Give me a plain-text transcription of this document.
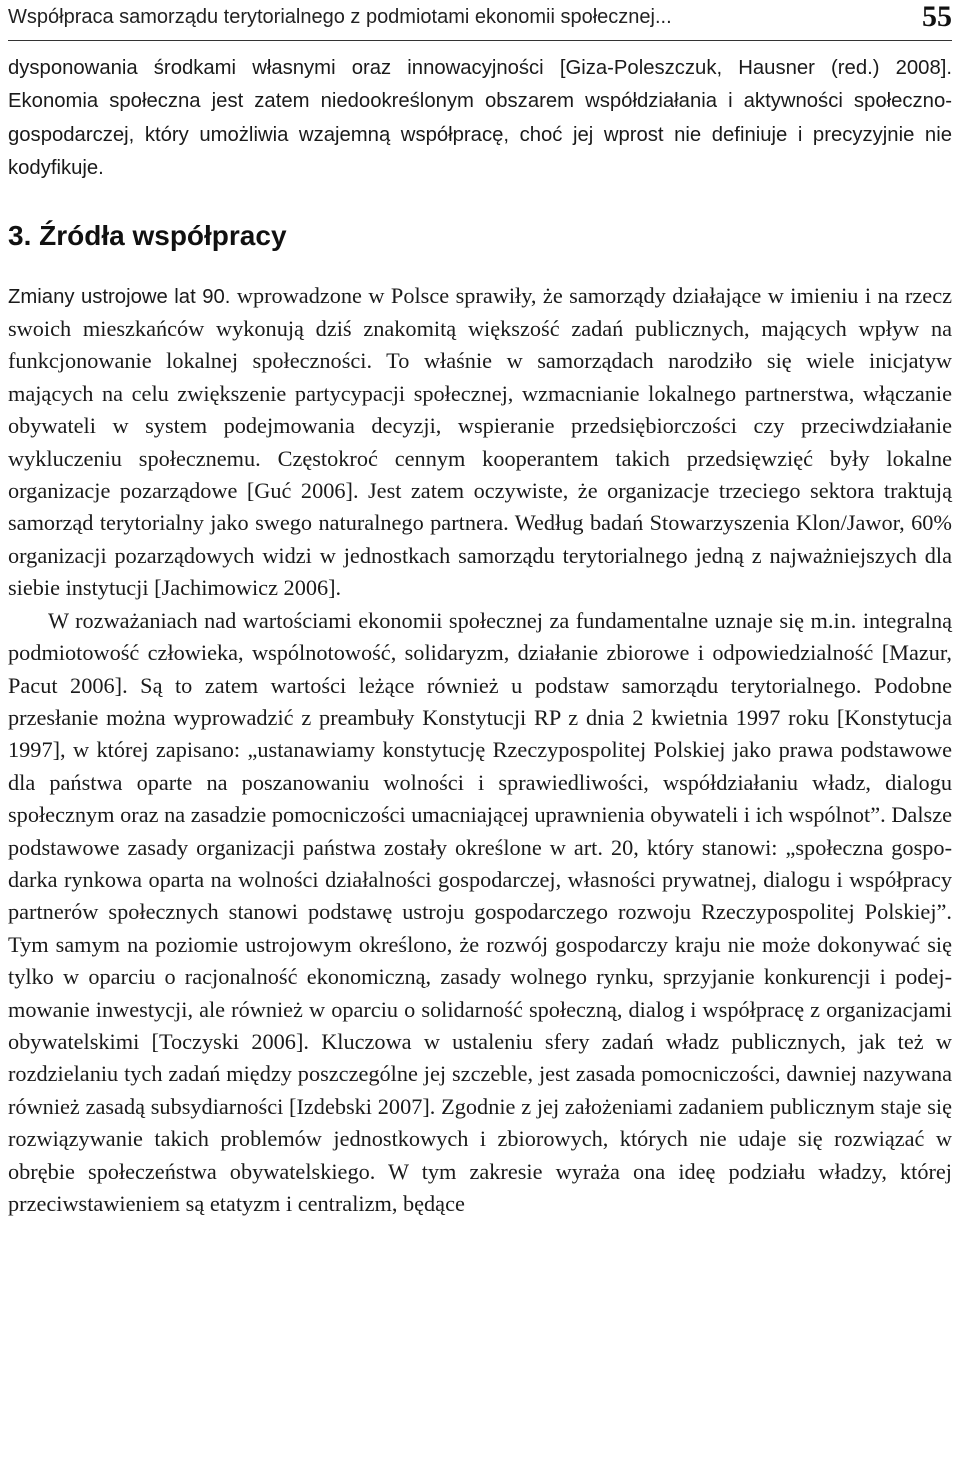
Współpraca samorządu terytorialnego z podmiotami ekonomii społecznej...	55

dysponowania środkami własnymi oraz innowacyjności [Giza-Poleszczuk, Hausner (red.) 2008]. Ekonomia społeczna jest zatem niedookreślonym obszarem współdziałania i aktywności społeczno-gospodarczej, który umożliwia wzajemną współpracę, choć jej wprost nie definiuje i precyzyjnie nie kodyfikuje.

3. Źródła współpracy

Zmiany ustrojowe lat 90. wprowadzone w Polsce sprawiły, że samorządy działające w imieniu i na rzecz swoich mieszkańców wykonują dziś znakomitą większość zadań publicznych, mających wpływ na funkcjonowanie lokalnej społeczności. To właśnie w samorządach narodziło się wiele inicjatyw mających na celu zwiększenie partycypacji społecznej, wzmacnianie lokalnego partnerstwa, włączanie obywateli w system podejmowania decyzji, wspieranie przedsiębiorczości czy przeciwdziałanie wykluczeniu społecznemu. Częstokroć cennym kooperantem takich przedsięwzięć były lokalne organizacje pozarządowe [Guć 2006]. Jest zatem oczywiste, że organizacje trzeciego sektora traktują samorząd terytorialny jako swego naturalnego partnera. Według badań Stowarzyszenia Klon/Jawor, 60% organizacji pozarządowych widzi w jednostkach samorządu terytorialnego jedną z najważniejszych dla siebie instytucji [Jachimowicz 2006].

W rozważaniach nad wartościami ekonomii społecznej za fundamentalne uznaje się m.in. integralną podmiotowość człowieka, wspólnotowość, solidaryzm, działanie zbiorowe i odpowiedzialność [Mazur, Pacut 2006]. Są to zatem wartości leżące również u podstaw samorządu terytorialnego. Podobne przesłanie można wyprowadzić z preambuły Konstytucji RP z dnia 2 kwietnia 1997 roku [Konstytucja 1997], w której zapisano: „ustanawiamy konstytucję Rzeczypospolitej Polskiej jako prawa podstawowe dla państwa oparte na poszanowaniu wolności i sprawiedliwości, współdziałaniu władz, dialogu społecznym oraz na zasadzie pomocniczości umacniającej uprawnienia obywateli i ich wspólnot”. Dalsze podstawowe zasady organizacji państwa zostały określone w art. 20, który stanowi: „społeczna gospodarka rynkowa oparta na wolności działalności gospodarczej, własności prywatnej, dialogu i współpracy partnerów społecznych stanowi podstawę ustroju gospodarczego rozwoju Rzeczypospolitej Polskiej”. Tym samym na poziomie ustrojowym określono, że rozwój gospodarczy kraju nie może dokonywać się tylko w oparciu o racjonalność ekonomiczną, zasady wolnego rynku, sprzyjanie konkurencji i podejmowanie inwestycji, ale również w oparciu o solidarność społeczną, dialog i współpracę z organizacjami obywatelskimi [Toczyski 2006]. Kluczowa w ustaleniu sfery zadań władz publicznych, jak też w rozdzielaniu tych zadań między poszczególne jej szczeble, jest zasada pomocniczości, dawniej nazywana również zasadą subsydiarności [Izdebski 2007]. Zgodnie z jej założeniami zadaniem publicznym staje się rozwiązywanie takich problemów jednostkowych i zbiorowych, których nie udaje się rozwiązać w obrębie społeczeństwa obywatelskiego. W tym zakresie wyraża ona ideę podziału władzy, której przeciwstawieniem są etatyzm i centralizm, będące
